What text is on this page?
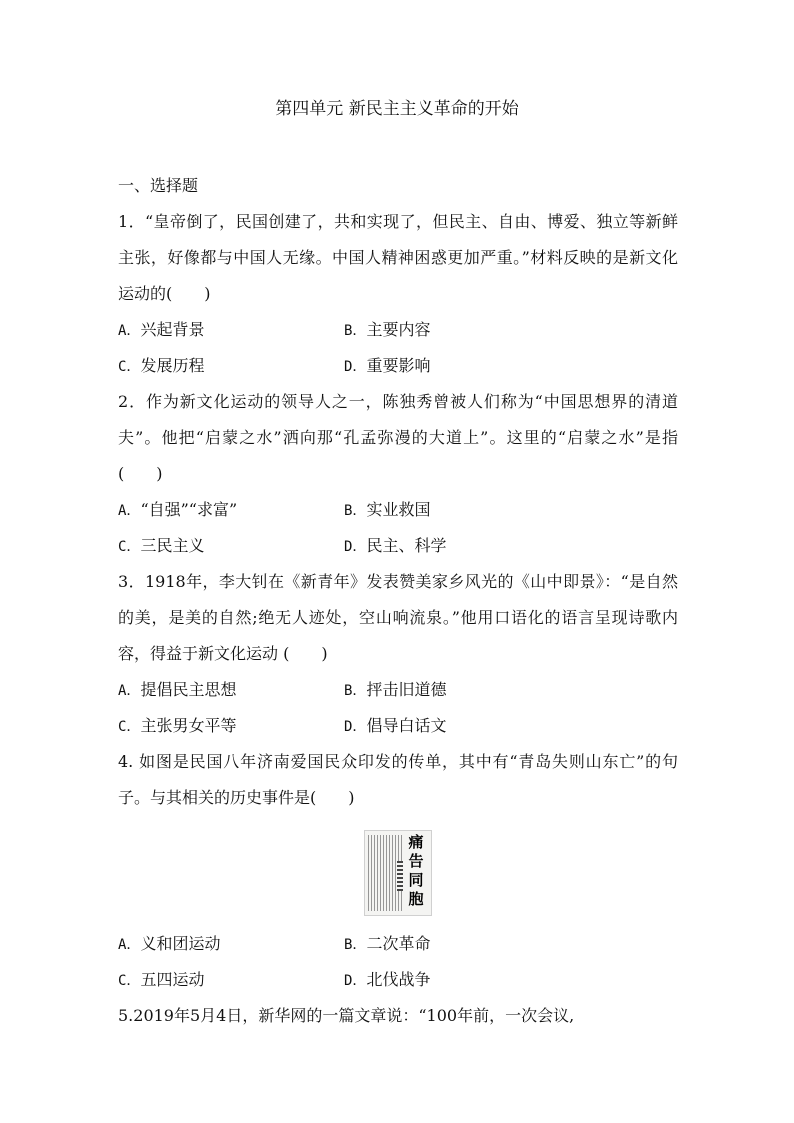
第四单元 新民主主义革命的开始
一、选择题
1．“皇帝倒了，民国创建了，共和实现了，但民主、自由、博爱、独立等新鲜主张，好像都与中国人无缘。中国人精神困惑更加严重。”材料反映的是新文化运动的(　　)
A．兴起背景	B．主要内容
C．发展历程	D．重要影响
2．作为新文化运动的领导人之一，陈独秀曾被人们称为“中国思想界的清道夫”。他把“启蒙之水”洒向那“孔孟弥漫的大道上”。这里的“启蒙之水”是指(　　)
A．“自强”“求富”	B．实业救国
C．三民主义	D．民主、科学
3．1918年，李大钊在《新青年》发表赞美家乡风光的《山中即景》：“是自然的美，是美的自然;绝无人迹处，空山响流泉。”他用口语化的语言呈现诗歌内容，得益于新文化运动 (　　)
A．提倡民主思想	B．抨击旧道德
C．主张男女平等	D．倡导白话文
4. 如图是民国八年济南爱国民众印发的传单，其中有“青岛失则山东亡”的句子。与其相关的历史事件是(　　)
痛告同胞
A．义和团运动	B．二次革命
C．五四运动	D．北伐战争
5.2019年5月4日，新华网的一篇文章说：“100年前，一次会议,
